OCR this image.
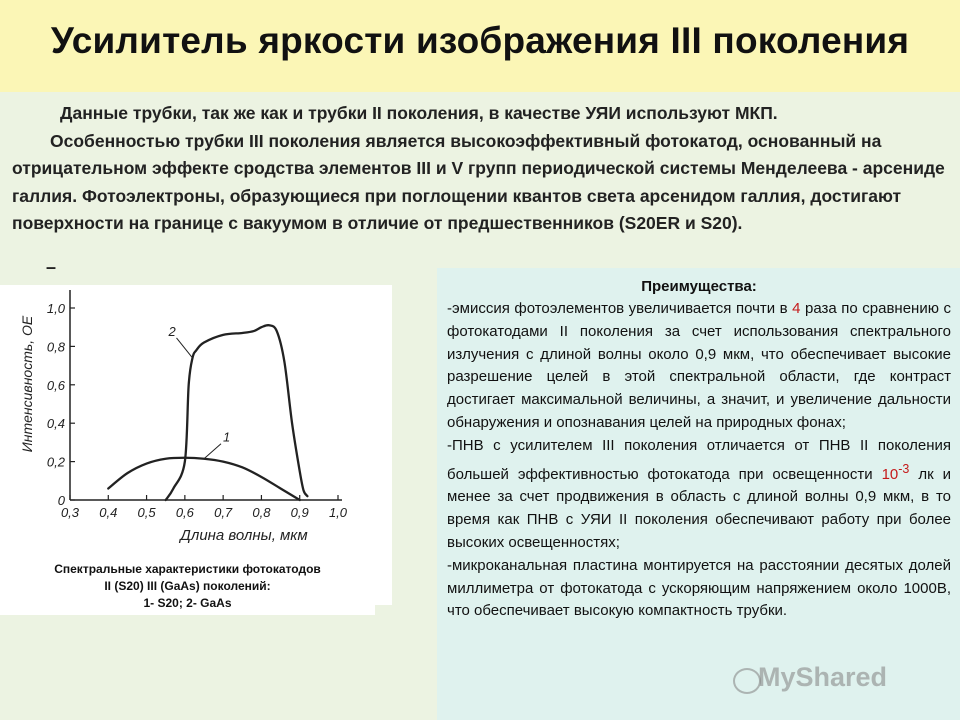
Усилитель яркости изображения III поколения

Данные трубки, так же как и трубки II поколения, в качестве УЯИ используют МКП.

Особенностью трубки III поколения является высокоэффективный фотокатод, основанный на отрицательном эффекте сродства элементов III и V групп периодической системы Менделеева - арсениде галлия. Фотоэлектроны, образующиеся при поглощении квантов света арсенидом галлия, достигают поверхности на границе с вакуумом в отличие от предшественников (S20ER и S20).

–
Спектральные характеристики фотокатодов
II (S20) III (GaAs) поколений:
1- S20; 2- GaAs
0,3 0,4 0,5 0,6 0,7 0,8 0,9 1,0
0
0,2
0,4
0,6
0,8
1,0
Длина волны, мкм
Интенсивность, ОЕ	1
2
Преимущества:

-эмиссия фотоэлементов увеличивается почти в 4 раза по сравнению с фотокатодами II поколения за счет использования спектрального излучения с длиной волны около 0,9 мкм, что обеспечивает высокие разрешение целей в этой спектральной области, где контраст достигает максимальной величины, а значит, и увеличение дальности обнаружения и опознавания целей на природных фонах;

-ПНВ с усилителем III поколения отличается от ПНВ II поколения большей эффективностью фотокатода при освещенности $10^{-3}$ лк и менее за счет продвижения в область с длиной волны 0,9 мкм, в то время как ПНВ с УЯИ II поколения обеспечивают работу при более высоких освещенностях;

-микроканальная пластина монтируется на расстоянии десятых долей миллиметра от фотокатода с ускоряющим напряжением около 1000В, что обеспечивает высокую компактность трубки.

MyShared
